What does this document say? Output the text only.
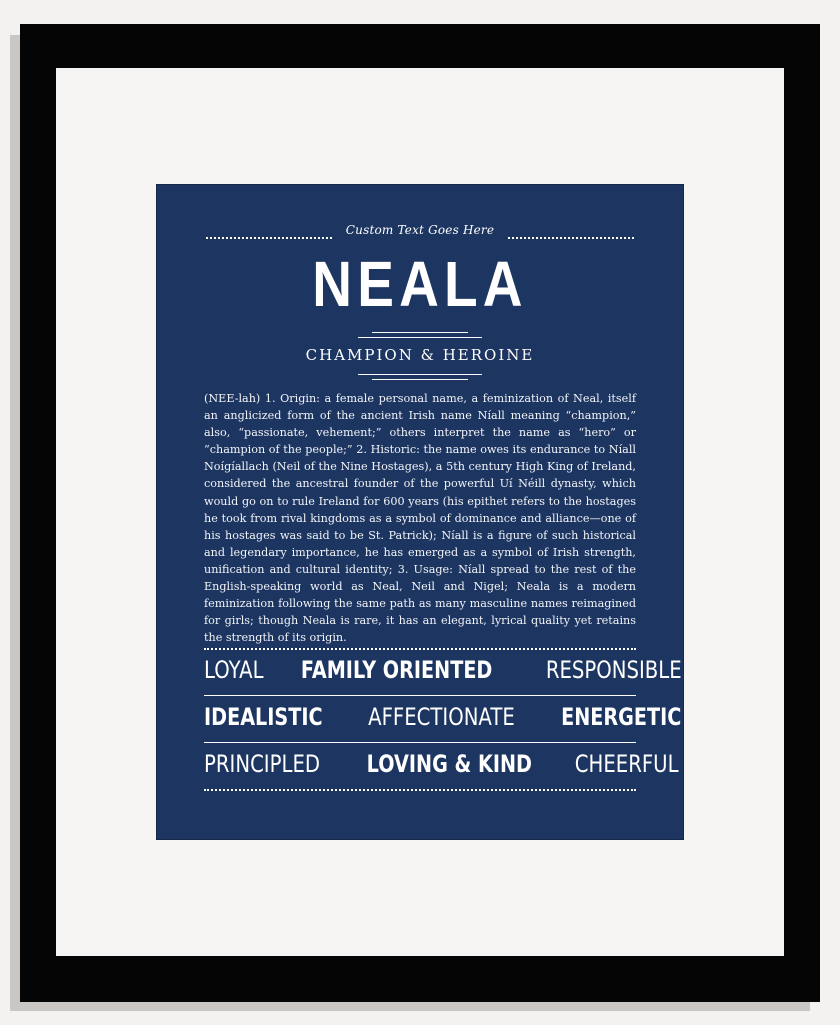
Custom Text Goes Here
NEALA
CHAMPION & HEROINE
(NEE-lah) 1. Origin: a female personal name, a feminization of Neal, itself an anglicized form of the ancient Irish name Níall meaning “champion,” also, “passionate, vehement;” others interpret the name as “hero” or “champion of the people;” 2. Historic: the name owes its endurance to Níall Noígíallach (Neil of the Nine Hostages), a 5th century High King of Ireland, considered the ancestral founder of the powerful Uí Néill dynasty, which would go on to rule Ireland for 600 years (his epithet refers to the hostages he took from rival kingdoms as a symbol of dominance and alliance—one of his hostages was said to be St. Patrick); Níall is a figure of such historical and legendary importance, he has emerged as a symbol of Irish strength, unification and cultural identity; 3. Usage: Níall spread to the rest of the English-speaking world as Neal, Neil and Nigel; Neala is a modern feminization following the same path as many masculine names reimagined for girls; though Neala is rare, it has an elegant, lyrical quality yet retains the strength of its origin.
LOYAL FAMILY ORIENTED RESPONSIBLE
IDEALISTIC AFFECTIONATE ENERGETIC
PRINCIPLED LOVING & KIND CHEERFUL
